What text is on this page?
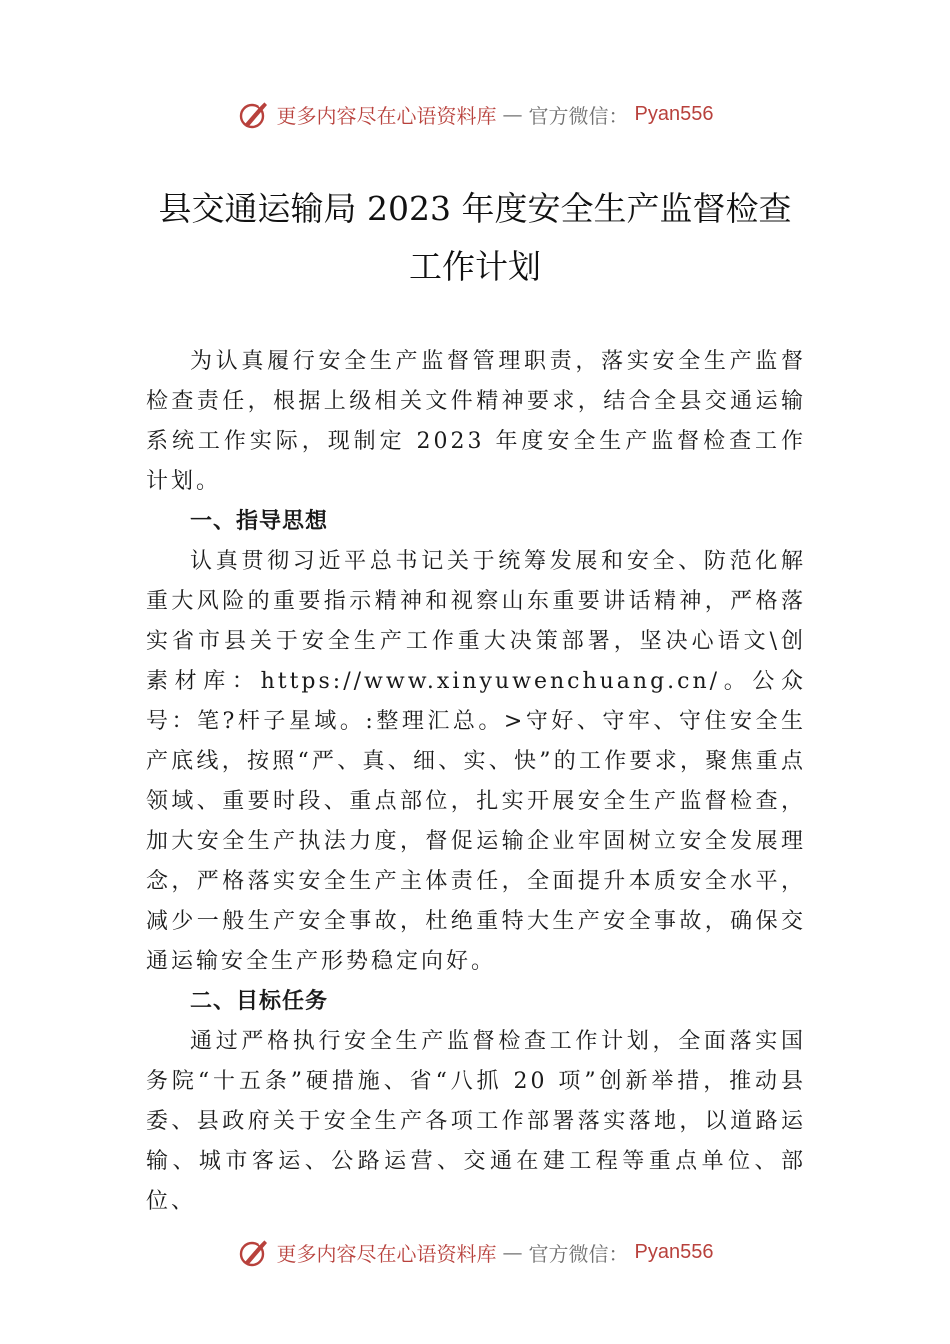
更多内容尽在心语资料库 — 官方微信： Pyan556
县交通运输局 2023 年度安全生产监督检查
工作计划

为认真履行安全生产监督管理职责，落实安全生产监督检查责任，根据上级相关文件精神要求，结合全县交通运输系统工作实际，现制定 2023 年度安全生产监督检查工作计划。

一、指导思想

认真贯彻习近平总书记关于统筹发展和安全、防范化解重大风险的重要指示精神和视察山东重要讲话精神，严格落实省市县关于安全生产工作重大决策部署，坚决心语文\创素材库：https://www.xinyuwenchuang.cn/。公众号：笔?杆子星域。:整理汇总。>守好、守牢、守住安全生产底线，按照“严、真、细、实、快”的工作要求，聚焦重点领域、重要时段、重点部位，扎实开展安全生产监督检查，加大安全生产执法力度，督促运输企业牢固树立安全发展理念，严格落实安全生产主体责任，全面提升本质安全水平，减少一般生产安全事故，杜绝重特大生产安全事故，确保交通运输安全生产形势稳定向好。

二、目标任务

通过严格执行安全生产监督检查工作计划，全面落实国务院“十五条”硬措施、省“八抓 20 项”创新举措，推动县委、县政府关于安全生产各项工作部署落实落地，以道路运输、城市客运、公路运营、交通在建工程等重点单位、部位、

更多内容尽在心语资料库 — 官方微信： Pyan556
